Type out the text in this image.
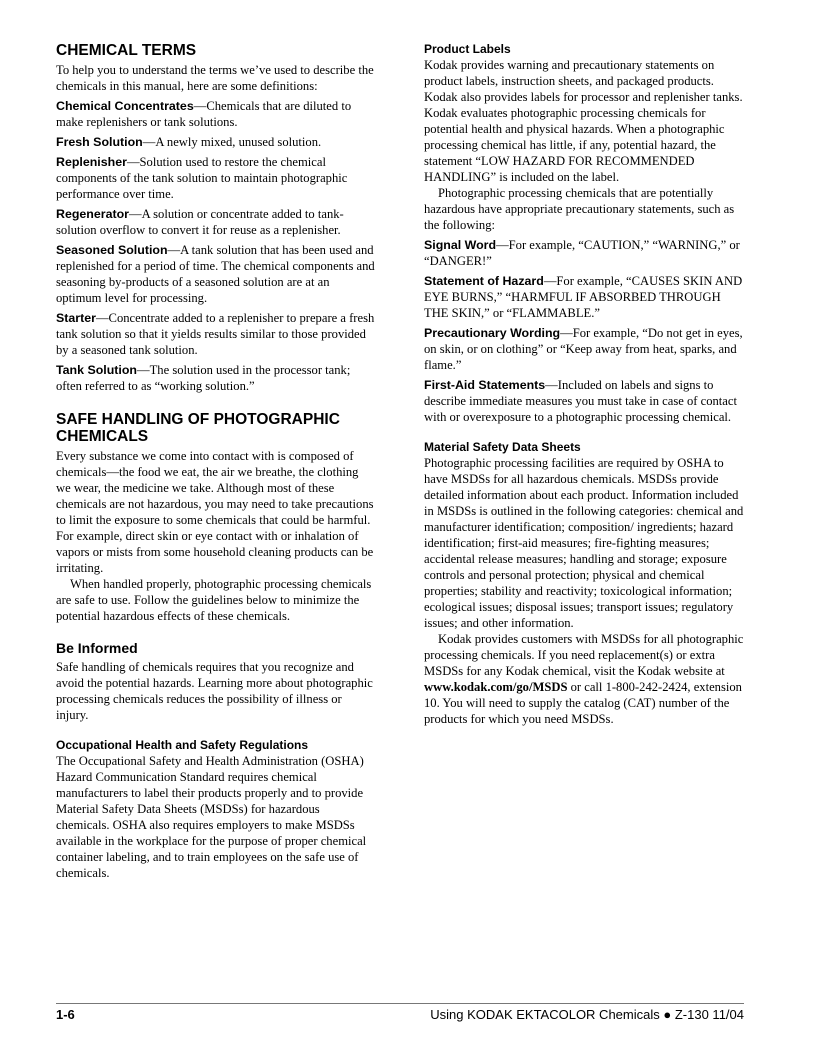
CHEMICAL TERMS

To help you to understand the terms we’ve used to describe the chemicals in this manual, here are some definitions:

Chemical Concentrates—Chemicals that are diluted to make replenishers or tank solutions.

Fresh Solution—A newly mixed, unused solution.

Replenisher—Solution used to restore the chemical components of the tank solution to maintain photographic performance over time.

Regenerator—A solution or concentrate added to tank-solution overflow to convert it for reuse as a replenisher.

Seasoned Solution—A tank solution that has been used and replenished for a period of time. The chemical components and seasoning by-products of a seasoned solution are at an optimum level for processing.

Starter—Concentrate added to a replenisher to prepare a fresh tank solution so that it yields results similar to those provided by a seasoned tank solution.

Tank Solution—The solution used in the processor tank; often referred to as “working solution.”

SAFE HANDLING OF PHOTOGRAPHIC CHEMICALS

Every substance we come into contact with is composed of chemicals—the food we eat, the air we breathe, the clothing we wear, the medicine we take. Although most of these chemicals are not hazardous, you may need to take precautions to limit the exposure to some chemicals that could be harmful. For example, direct skin or eye contact with or inhalation of vapors or mists from some household cleaning products can be irritating.

When handled properly, photographic processing chemicals are safe to use. Follow the guidelines below to minimize the potential hazardous effects of these chemicals.

Be Informed

Safe handling of chemicals requires that you recognize and avoid the potential hazards. Learning more about photographic processing chemicals reduces the possibility of illness or injury.

Occupational Health and Safety Regulations

The Occupational Safety and Health Administration (OSHA) Hazard Communication Standard requires chemical manufacturers to label their products properly and to provide Material Safety Data Sheets (MSDSs) for hazardous chemicals. OSHA also requires employers to make MSDSs available in the workplace for the purpose of proper chemical container labeling, and to train employees on the safe use of chemicals.

Product Labels

Kodak provides warning and precautionary statements on product labels, instruction sheets, and packaged products. Kodak also provides labels for processor and replenisher tanks. Kodak evaluates photographic processing chemicals for potential health and physical hazards. When a photographic processing chemical has little, if any, potential hazard, the statement “LOW HAZARD FOR RECOMMENDED HANDLING” is included on the label.

Photographic processing chemicals that are potentially hazardous have appropriate precautionary statements, such as the following:

Signal Word—For example, “CAUTION,” “WARNING,” or “DANGER!”

Statement of Hazard—For example, “CAUSES SKIN AND EYE BURNS,” “HARMFUL IF ABSORBED THROUGH THE SKIN,” or “FLAMMABLE.”

Precautionary Wording—For example, “Do not get in eyes, on skin, or on clothing” or “Keep away from heat, sparks, and flame.”

First-Aid Statements—Included on labels and signs to describe immediate measures you must take in case of contact with or overexposure to a photographic processing chemical.

Material Safety Data Sheets

Photographic processing facilities are required by OSHA to have MSDSs for all hazardous chemicals. MSDSs provide detailed information about each product. Information included in MSDSs is outlined in the following categories: chemical and manufacturer identification; composition/ ingredients; hazard identification; first-aid measures; fire-fighting measures; accidental release measures; handling and storage; exposure controls and personal protection; physical and chemical properties; stability and reactivity; toxicological information; ecological issues; disposal issues; transport issues; regulatory issues; and other information.

Kodak provides customers with MSDSs for all photographic processing chemicals. If you need replacement(s) or extra MSDSs for any Kodak chemical, visit the Kodak website at www.kodak.com/go/MSDS or call 1-800-242-2424, extension 10. You will need to supply the catalog (CAT) number of the products for which you need MSDSs.

1-6	Using KODAK EKTACOLOR Chemicals ● Z-130 11/04
